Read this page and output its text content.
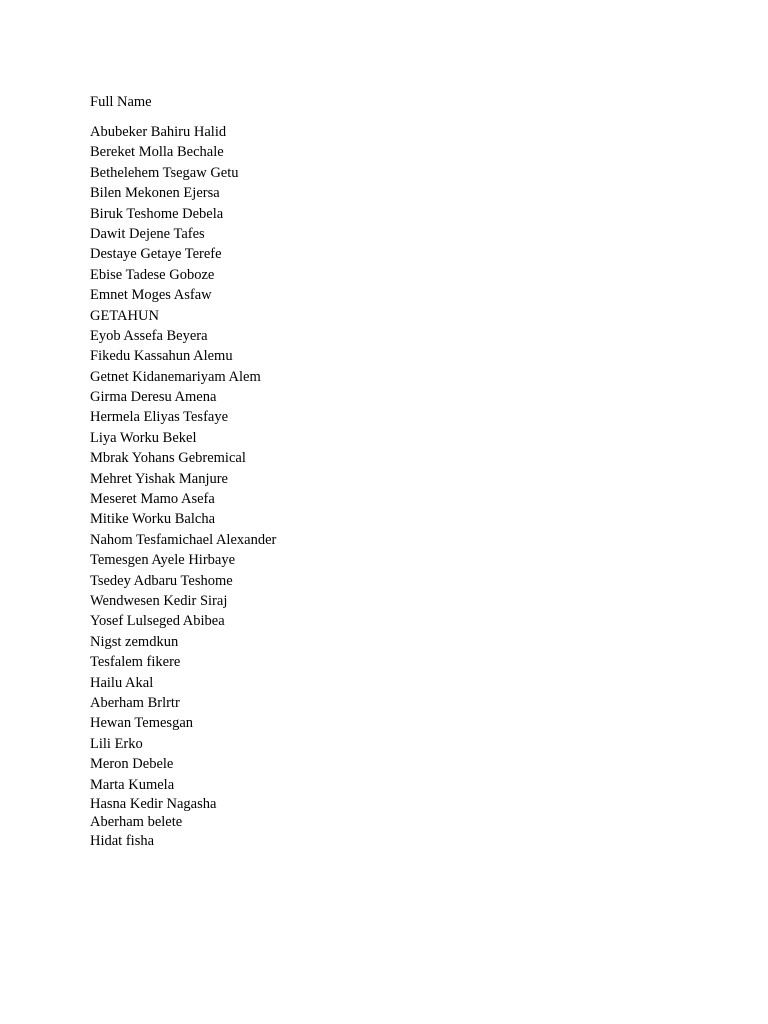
Full Name
Abubeker Bahiru Halid
Bereket Molla Bechale
Bethelehem Tsegaw Getu
Bilen Mekonen Ejersa
Biruk Teshome Debela
Dawit Dejene Tafes
Destaye Getaye Terefe
Ebise Tadese Goboze
Emnet Moges Asfaw
GETAHUN
Eyob Assefa Beyera
Fikedu Kassahun Alemu
Getnet Kidanemariyam Alem
Girma Deresu Amena
Hermela Eliyas Tesfaye
Liya Worku Bekel
Mbrak Yohans Gebremical
Mehret Yishak Manjure
Meseret Mamo Asefa
Mitike Worku Balcha
Nahom Tesfamichael Alexander
Temesgen Ayele Hirbaye
Tsedey Adbaru Teshome
Wendwesen Kedir Siraj
Yosef Lulseged Abibea
Nigst zemdkun
Tesfalem fikere
Hailu Akal
Aberham Brlrtr
Hewan Temesgan
Lili Erko
Meron Debele
Marta Kumela
Hasna Kedir Nagasha
Aberham belete
Hidat fisha
